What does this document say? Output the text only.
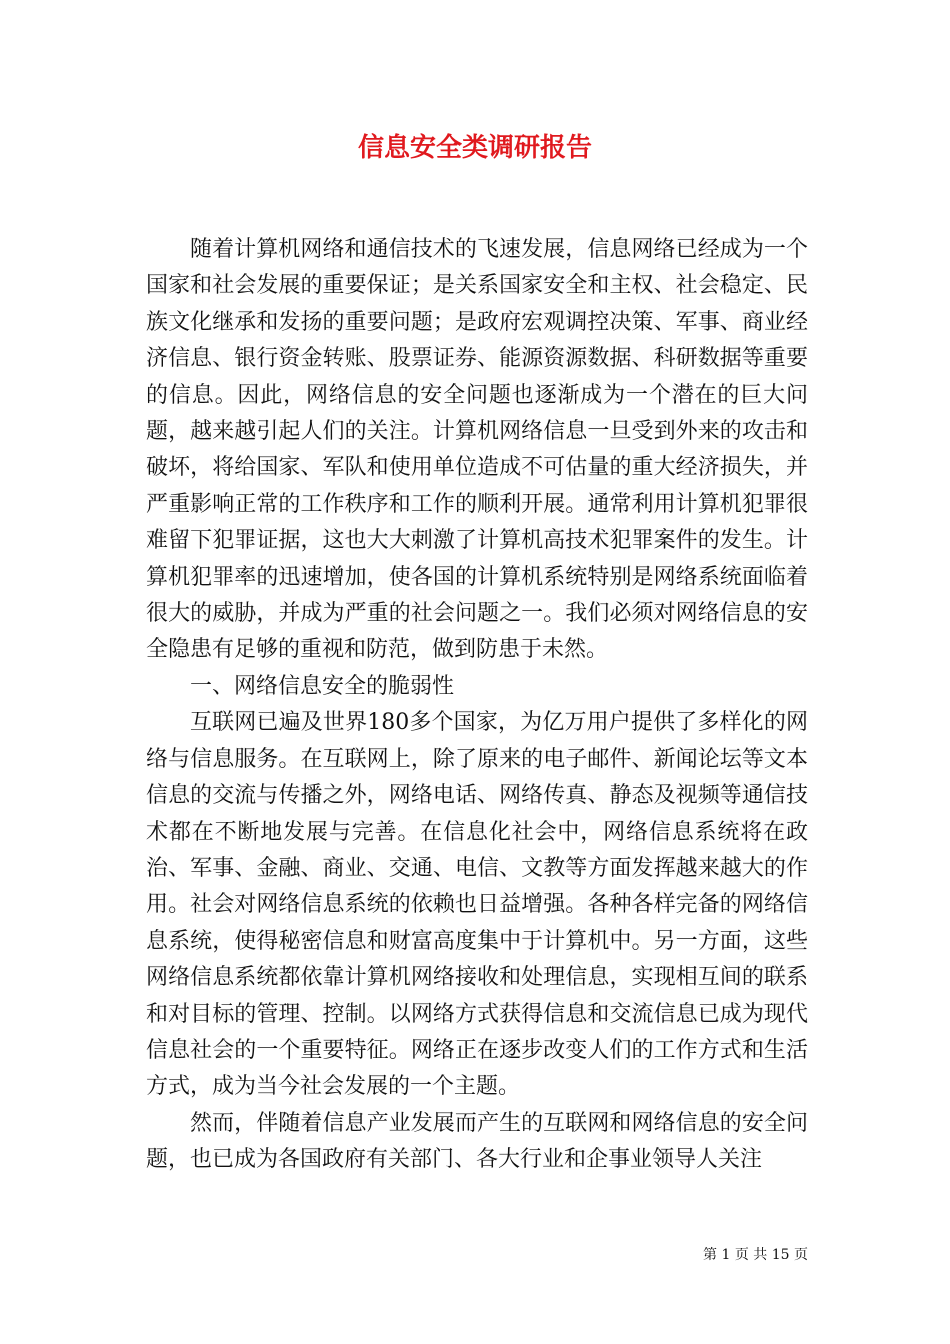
信息安全类调研报告

随着计算机网络和通信技术的飞速发展，信息网络已经成为一个国家和社会发展的重要保证；是关系国家安全和主权、社会稳定、民族文化继承和发扬的重要问题；是政府宏观调控决策、军事、商业经济信息、银行资金转账、股票证券、能源资源数据、科研数据等重要的信息。因此，网络信息的安全问题也逐渐成为一个潜在的巨大问题，越来越引起人们的关注。计算机网络信息一旦受到外来的攻击和破坏，将给国家、军队和使用单位造成不可估量的重大经济损失，并严重影响正常的工作秩序和工作的顺利开展。通常利用计算机犯罪很难留下犯罪证据，这也大大刺激了计算机高技术犯罪案件的发生。计算机犯罪率的迅速增加，使各国的计算机系统特别是网络系统面临着很大的威胁，并成为严重的社会问题之一。我们必须对网络信息的安全隐患有足够的重视和防范，做到防患于未然。

一、网络信息安全的脆弱性

互联网已遍及世界180多个国家，为亿万用户提供了多样化的网络与信息服务。在互联网上，除了原来的电子邮件、新闻论坛等文本信息的交流与传播之外，网络电话、网络传真、静态及视频等通信技术都在不断地发展与完善。在信息化社会中，网络信息系统将在政治、军事、金融、商业、交通、电信、文教等方面发挥越来越大的作用。社会对网络信息系统的依赖也日益增强。各种各样完备的网络信息系统，使得秘密信息和财富高度集中于计算机中。另一方面，这些网络信息系统都依靠计算机网络接收和处理信息，实现相互间的联系和对目标的管理、控制。以网络方式获得信息和交流信息已成为现代信息社会的一个重要特征。网络正在逐步改变人们的工作方式和生活方式，成为当今社会发展的一个主题。

然而，伴随着信息产业发展而产生的互联网和网络信息的安全问题，也已成为各国政府有关部门、各大行业和企事业领导人关注

第 1 页 共 15 页
